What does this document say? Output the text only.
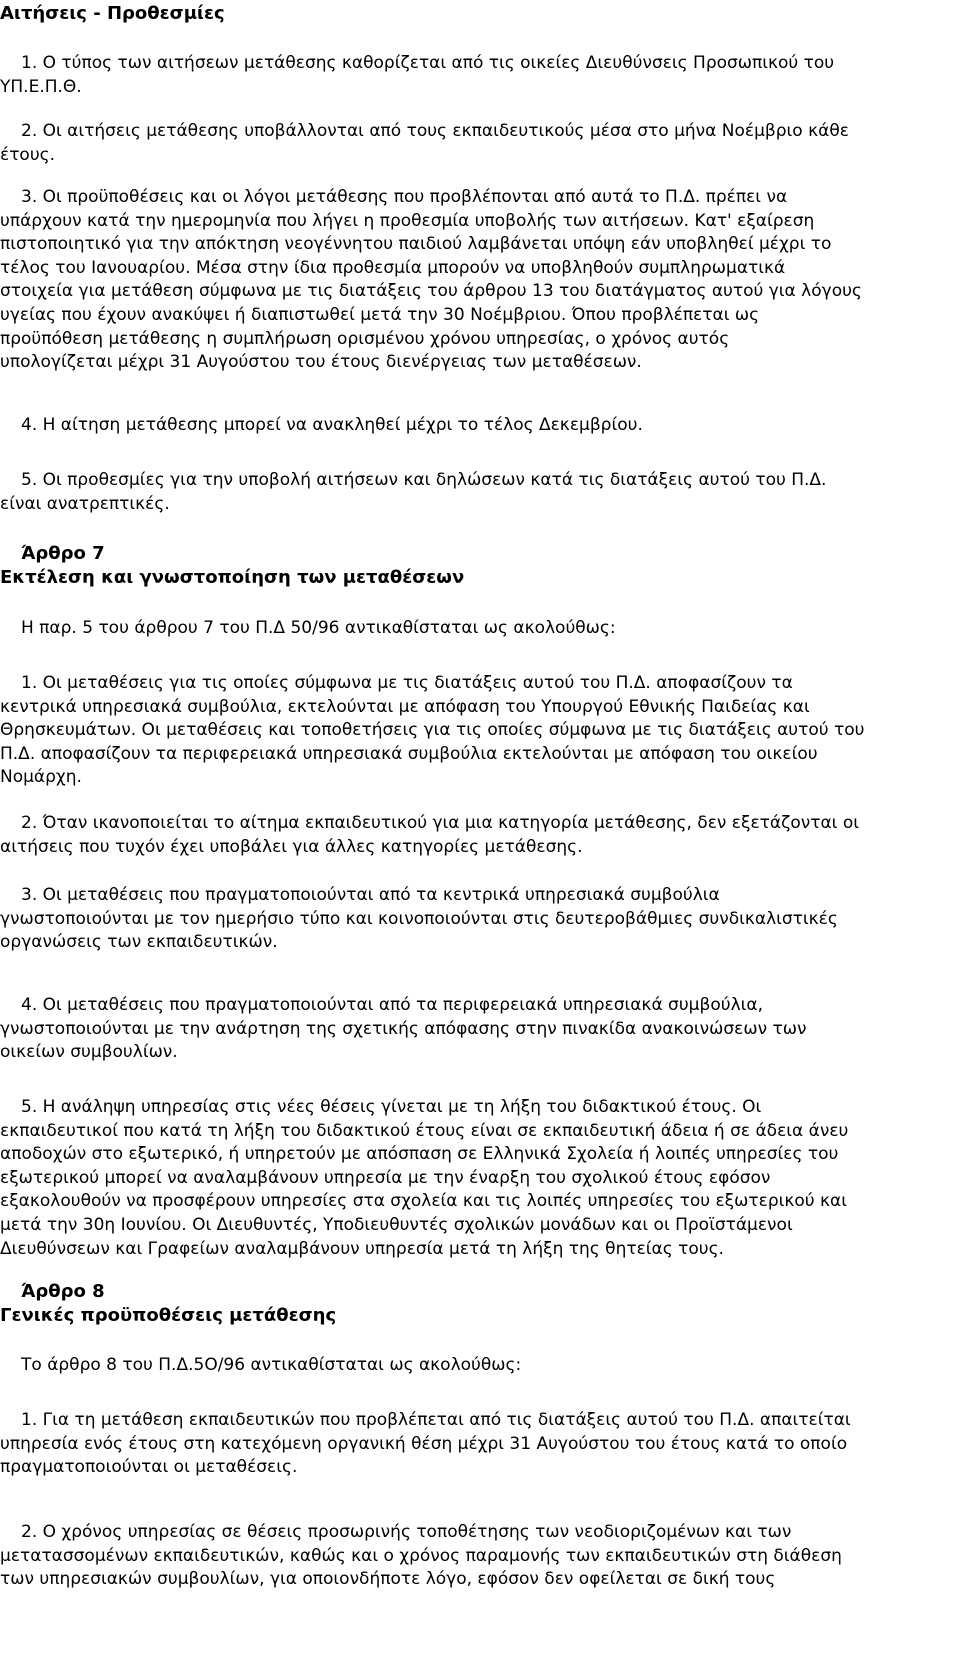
Αιτήσεις - Προθεσμίες
1. Ο τύπος των αιτήσεων μετάθεσης καθορίζεται από τις οικείες Διευθύνσεις Προσωπικού του
ΥΠ.Ε.Π.Θ.
2. Οι αιτήσεις μετάθεσης υποβάλλονται από τους εκπαιδευτικούς μέσα στο μήνα Νοέμβριο κάθε
έτους.
3. Οι προϋποθέσεις και οι λόγοι μετάθεσης που προβλέπονται από αυτά το Π.Δ. πρέπει να
υπάρχουν κατά την ημερομηνία που λήγει η προθεσμία υποβολής των αιτήσεων. Κατ' εξαίρεση
πιστοποιητικό για την απόκτηση νεογέννητου παιδιού λαμβάνεται υπόψη εάν υποβληθεί μέχρι το
τέλος του Ιανουαρίου. Μέσα στην ίδια προθεσμία μπορούν να υποβληθούν συμπληρωματικά
στοιχεία για μετάθεση σύμφωνα με τις διατάξεις του άρθρου 13 του διατάγματος αυτού για λόγους
υγείας που έχουν ανακύψει ή διαπιστωθεί μετά την 30 Νοέμβριου. Όπου προβλέπεται ως
προϋπόθεση μετάθεσης η συμπλήρωση ορισμένου χρόνου υπηρεσίας, ο χρόνος αυτός
υπολογίζεται μέχρι 31 Αυγούστου του έτους διενέργειας των μεταθέσεων.
4. Η αίτηση μετάθεσης μπορεί να ανακληθεί μέχρι το τέλος Δεκεμβρίου.
5. Οι προθεσμίες για την υποβολή αιτήσεων και δηλώσεων κατά τις διατάξεις αυτού του Π.Δ.
είναι ανατρεπτικές.
Άρθρο 7
Εκτέλεση και γνωστοποίηση των μεταθέσεων
Η παρ. 5 του άρθρου 7 του Π.Δ 50/96 αντικαθίσταται ως ακολούθως:
1. Οι μεταθέσεις για τις οποίες σύμφωνα με τις διατάξεις αυτού του Π.Δ. αποφασίζουν τα
κεντρικά υπηρεσιακά συμβούλια, εκτελούνται με απόφαση του Υπουργού Εθνικής Παιδείας και
Θρησκευμάτων. Οι μεταθέσεις και τοποθετήσεις για τις οποίες σύμφωνα με τις διατάξεις αυτού του
Π.Δ. αποφασίζουν τα περιφερειακά υπηρεσιακά συμβούλια εκτελούνται με απόφαση του οικείου
Νομάρχη.
2. Όταν ικανοποιείται το αίτημα εκπαιδευτικού για μια κατηγορία μετάθεσης, δεν εξετάζονται οι
αιτήσεις που τυχόν έχει υποβάλει για άλλες κατηγορίες μετάθεσης.
3. Οι μεταθέσεις που πραγματοποιούνται από τα κεντρικά υπηρεσιακά συμβούλια
γνωστοποιούνται με τον ημερήσιο τύπο και κοινοποιούνται στις δευτεροβάθμιες συνδικαλιστικές
οργανώσεις των εκπαιδευτικών.
4. Οι μεταθέσεις που πραγματοποιούνται από τα περιφερειακά υπηρεσιακά συμβούλια,
γνωστοποιούνται με την ανάρτηση της σχετικής απόφασης στην πινακίδα ανακοινώσεων των
οικείων συμβουλίων.
5. Η ανάληψη υπηρεσίας στις νέες θέσεις γίνεται με τη λήξη του διδακτικού έτους. Οι
εκπαιδευτικοί που κατά τη λήξη του διδακτικού έτους είναι σε εκπαιδευτική άδεια ή σε άδεια άνευ
αποδοχών στο εξωτερικό, ή υπηρετούν με απόσπαση σε Ελληνικά Σχολεία ή λοιπές υπηρεσίες του
εξωτερικού μπορεί να αναλαμβάνουν υπηρεσία με την έναρξη του σχολικού έτους εφόσον
εξακολουθούν να προσφέρουν υπηρεσίες στα σχολεία και τις λοιπές υπηρεσίες του εξωτερικού και
μετά την 30η Ιουνίου. Οι Διευθυντές, Υποδιευθυντές σχολικών μονάδων και οι Προϊστάμενοι
Διευθύνσεων και Γραφείων αναλαμβάνουν υπηρεσία μετά τη λήξη της θητείας τους.
Άρθρο 8
Γενικές προϋποθέσεις μετάθεσης
Το άρθρο 8 του Π.Δ.5Ο/96 αντικαθίσταται ως ακολούθως:
1. Για τη μετάθεση εκπαιδευτικών που προβλέπεται από τις διατάξεις αυτού του Π.Δ. απαιτείται
υπηρεσία ενός έτους στη κατεχόμενη οργανική θέση μέχρι 31 Αυγούστου του έτους κατά το οποίο
πραγματοποιούνται οι μεταθέσεις.
2. Ο χρόνος υπηρεσίας σε θέσεις προσωρινής τοποθέτησης των νεοδιοριζομένων και των
μετατασσομένων εκπαιδευτικών, καθώς και ο χρόνος παραμονής των εκπαιδευτικών στη διάθεση
των υπηρεσιακών συμβουλίων, για οποιονδήποτε λόγο, εφόσον δεν οφείλεται σε δική τους
